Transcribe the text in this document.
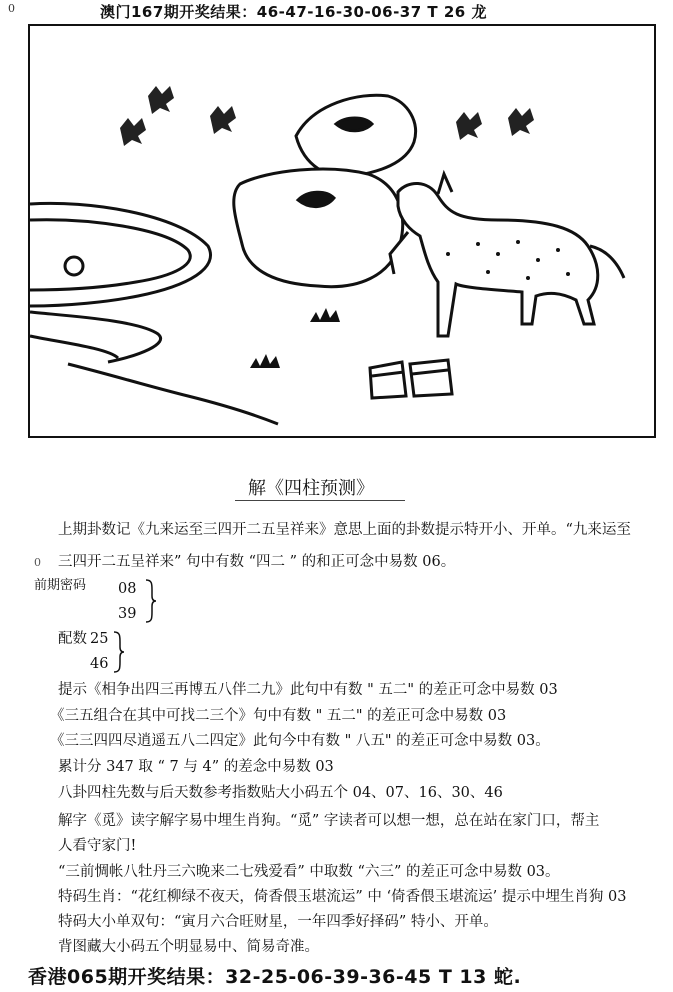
0	澳门167期开奖结果：46-47-16-30-06-37 T 26 龙
解《四柱预测》
上期卦数记《九来运至三四开二五呈祥来》意思上面的卦数提示特开小、开单。“九来运至
0 三四开二五呈祥来” 句中有数 “四二 ” 的和正可念中易数 06。
前期密码 08
39
配数 25
46
提示《相争出四三再博五八伴二九》此句中有数 " 五二" 的差正可念中易数 03
《三五组合在其中可找二三个》句中有数 " 五二" 的差正可念中易数 03
《三三四四尽逍遥五八二四定》此句今中有数 " 八五" 的差正可念中易数 03。
累计分 347 取 “ 7 与 4” 的差念中易数 03
八卦四柱先数与后天数参考指数贴大小码五个 04、07、16、30、46
解字《觅》读字解字易中埋生肖狗。“觅” 字读者可以想一想，总在站在家门口，帮主
人看守家门!
“三前惆帐八牡丹三六晚来二七残爱看” 中取数 “六三” 的差正可念中易数 03。
特码生肖：“花红柳绿不夜天，倚香偎玉堪流运” 中 ‘倚香偎玉堪流运’ 提示中埋生肖狗 03
特码大小单双句：“寅月六合旺财星，一年四季好择码” 特小、开单。
背图藏大小码五个明显易中、简易奇准。
香港065期开奖结果：32-25-06-39-36-45 T 13 蛇.
